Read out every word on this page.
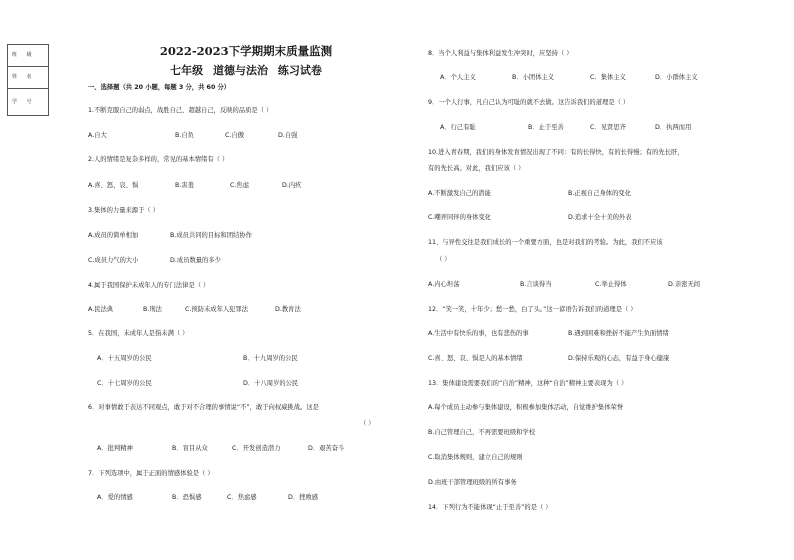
班 级
姓 名
学 号
2022-2023下学期期末质量监测
七年级 道德与法治 练习试卷
一、选择题（共 20 小题，每题 3 分，共 60 分）
1.不断克服自己的弱点，战胜自己、超越自己，反映的品质是（ ）
A.自大	B.自负	C.自傲	D.自强
2.人的情绪是复杂多样的，常见的基本情绪有（ ）
A.喜、怒、哀、惧	B.害羞	C.焦虑	D.内疚
3.集体的力量来源于（ ）
A.成员的简单相加	B.成员共同的目标和团结协作
C.成员力气的大小	D.成员数量的多少
4.属于我国保护未成年人的专门法律是（ ）
A.民法典	B.刑法	C.预防未成年人犯罪法	D.教育法
5．在我国，未成年人是指未满（ ）
A．十五周岁的公民	B．十九周岁的公民
C．十七周岁的公民	D．十八周岁的公民
6．对事情敢于表达不同观点，敢于对不合理的事情说“不”，敢于向权威挑战。这是
（ ）
A．批判精神	B．盲目从众	C．开发创造潜力	D．艰苦奋斗
7．下列选项中，属于正面的情感体验是（ ）
A．爱的情感	B．恐惧感	C．焦虑感	D．挫败感
8．当个人利益与集体利益发生冲突时，应坚持（ ）
A．个人主义	B．小团体主义	C．集体主义	D．小群体主义
9．一个人行事，凡自己认为可耻的就不去做。这告诉我们的道理是（ ）
A．行己有耻	B．止于至善	C．见贤思齐	D．执两而用
10.进入青春期，我们的身体发育情况出现了不同：有的长得快，有的长得慢；有的先长肝，
有的先长高。对此，我们应该（ ）
A.不断激发自己的潜能	B.正视自己身体的变化
C.嘲弄同伴的身体变化	D.追求十全十美的外表
11、与异性交往是我们成长的一个重要方面，也是对我们的考验。为此，我们不应该
（ ）
A.内心坦荡	B.言谈得当	C.举止得体	D.亲密无间
12．“笑一笑，十年少；愁一愁，白了头。”这一谚语告诉我们的道理是（ ）
A.生活中有快乐的事，也有悲伤的事	B.遇到困难和挫折不能产生负面情绪
C.喜、怒、哀、惧是人的基本情绪	D.保持乐观的心态，有益于身心健康
13．集体建设需要我们的“自治”精神，这种“自治”精神主要表现为（ ）
A.每个成员主动参与集体建设，积极参加集体活动，自觉维护集体荣誉
B.自己管理自己，不再需要班级和学校
C.取消集体规则，建立自己的规则
D.由班干部管理班级的所有事务
14．下列行为不能体现“止于至善”的是（ ）
